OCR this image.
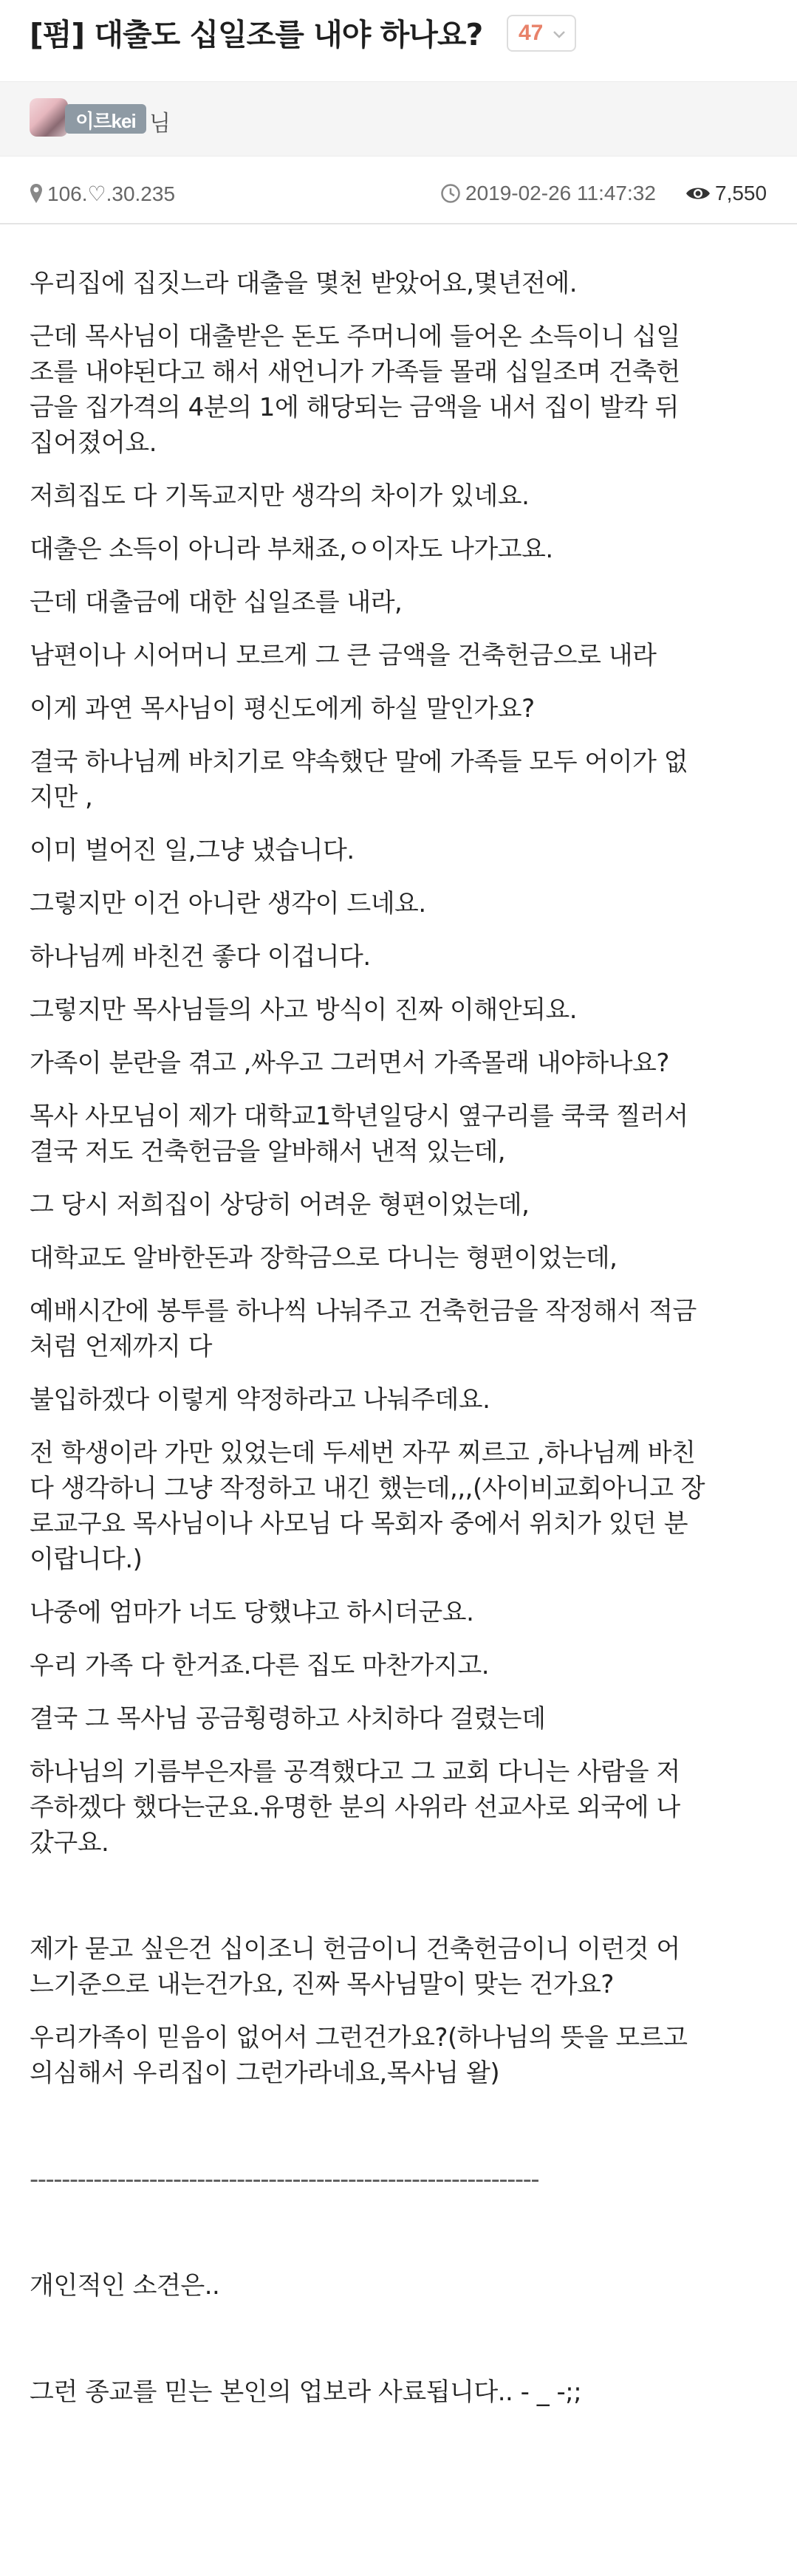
[펌] 대출도 십일조를 내야 하나요? 47
이르kei 님
106.♡.30.235	2019-02-26 11:47:32	7,550

우리집에 집짓느라 대출을 몇천 받았어요,몇년전에.

근데 목사님이 대출받은 돈도 주머니에 들어온 소득이니 십일
조를 내야된다고 해서 새언니가 가족들 몰래 십일조며 건축헌
금을 집가격의 4분의 1에 해당되는 금액을 내서 집이 발칵 뒤
집어졌어요.

저희집도 다 기독교지만 생각의 차이가 있네요.

대출은 소득이 아니라 부채죠,ㅇ이자도 나가고요.

근데 대출금에 대한 십일조를 내라,

남편이나 시어머니 모르게 그 큰 금액을 건축헌금으로 내라

이게 과연 목사님이 평신도에게 하실 말인가요?

결국 하나님께 바치기로 약속했단 말에 가족들 모두 어이가 없
지만 ,

이미 벌어진 일,그냥 냈습니다.

그렇지만 이건 아니란 생각이 드네요.

하나님께 바친건 좋다 이겁니다.

그렇지만 목사님들의 사고 방식이 진짜 이해안되요.

가족이 분란을 겪고 ,싸우고 그러면서 가족몰래 내야하나요?

목사 사모님이 제가 대학교1학년일당시 옆구리를 쿡쿡 찔러서
결국 저도 건축헌금을 알바해서 낸적 있는데,

그 당시 저희집이 상당히 어려운 형편이었는데,

대학교도 알바한돈과 장학금으로 다니는 형편이었는데,

예배시간에 봉투를 하나씩 나눠주고 건축헌금을 작정해서 적금
처럼 언제까지 다

불입하겠다 이렇게 약정하라고 나눠주데요.

전 학생이라 가만 있었는데 두세번 자꾸 찌르고 ,하나님께 바친
다 생각하니 그냥 작정하고 내긴 했는데,,,(사이비교회아니고 장
로교구요 목사님이나 사모님 다 목회자 중에서 위치가 있던 분
이랍니다.)

나중에 엄마가 너도 당했냐고 하시더군요.

우리 가족 다 한거죠.다른 집도 마찬가지고.

결국 그 목사님 공금횡령하고 사치하다 걸렸는데

하나님의 기름부은자를 공격했다고 그 교회 다니는 사람을 저
주하겠다 했다는군요.유명한 분의 사위라 선교사로 외국에 나
갔구요.

제가 묻고 싶은건 십이조니 헌금이니 건축헌금이니 이런것 어
느기준으로 내는건가요, 진짜 목사님말이 맞는 건가요?

우리가족이 믿음이 없어서 그런건가요?(하나님의 뜻을 모르고
의심해서 우리집이 그런가라네요,목사님 왈)

----------------------------------------------------------------

개인적인 소견은..

그런 종교를 믿는 본인의 업보라 사료됩니다.. - _ -;;
